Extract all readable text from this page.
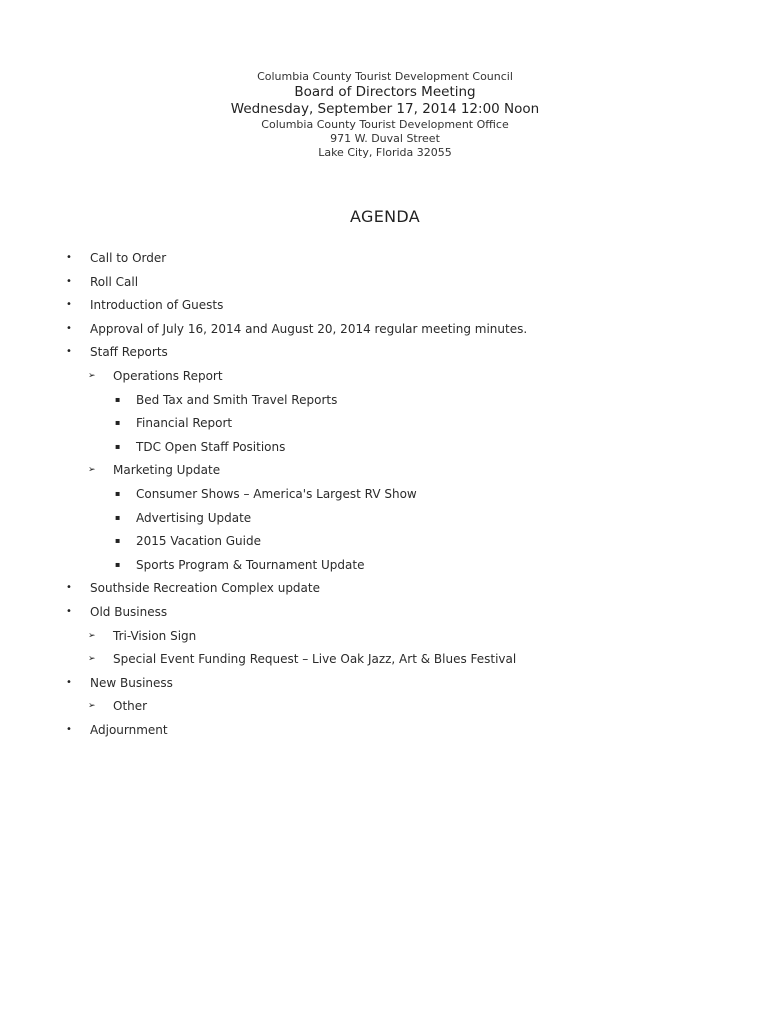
Columbia County Tourist Development Council
Board of Directors Meeting
Wednesday, September 17, 2014 12:00 Noon
Columbia County Tourist Development Office
971 W. Duval Street
Lake City, Florida 32055
AGENDA
• Call to Order
• Roll Call
• Introduction of Guests
• Approval of July 16, 2014 and August 20, 2014 regular meeting minutes.
• Staff Reports
➢ Operations Report
▪ Bed Tax and Smith Travel Reports
▪ Financial Report
▪ TDC Open Staff Positions
➢ Marketing Update
▪ Consumer Shows – America's Largest RV Show
▪ Advertising Update
▪ 2015 Vacation Guide
▪ Sports Program & Tournament Update
• Southside Recreation Complex update
• Old Business
➢ Tri-Vision Sign
➢ Special Event Funding Request – Live Oak Jazz, Art & Blues Festival
• New Business
➢ Other
• Adjournment
